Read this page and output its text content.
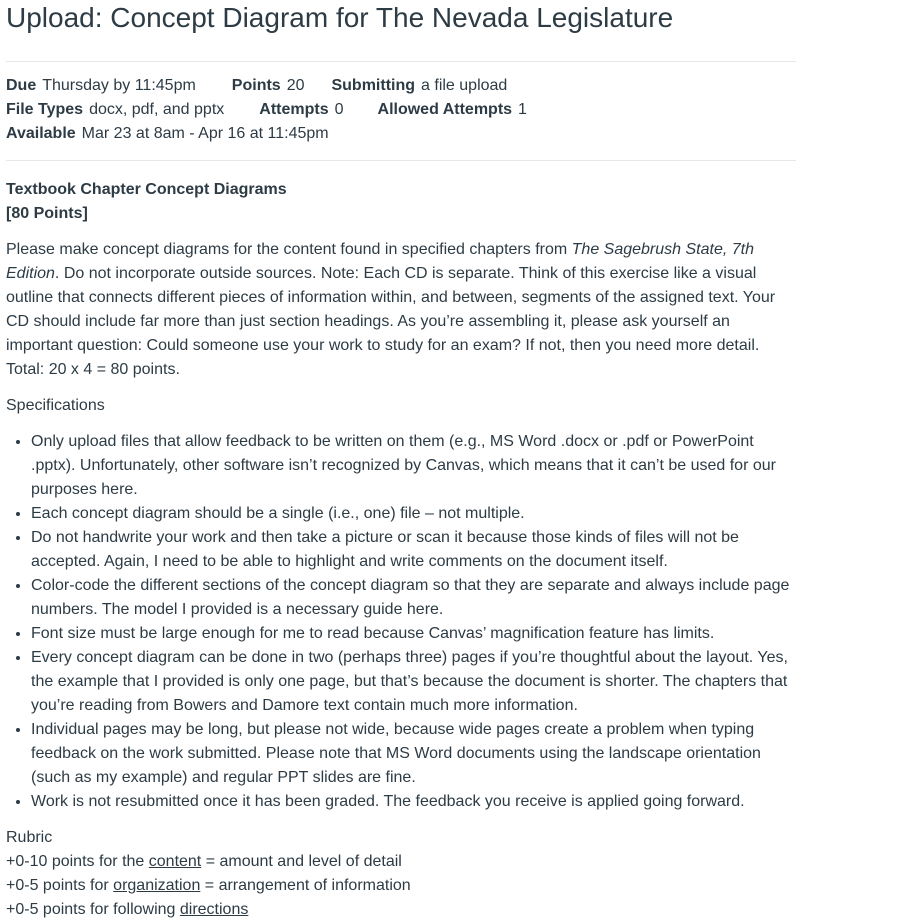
Upload: Concept Diagram for The Nevada Legislature
Due Thursday by 11:45pm Points 20 Submitting a file upload
File Types docx, pdf, and pptx Attempts 0 Allowed Attempts 1
Available Mar 23 at 8am - Apr 16 at 11:45pm

Textbook Chapter Concept Diagrams

[80 Points]

Please make concept diagrams for the content found in specified chapters from The Sagebrush State, 7th Edition. Do not incorporate outside sources. Note: Each CD is separate. Think of this exercise like a visual outline that connects different pieces of information within, and between, segments of the assigned text. Your CD should include far more than just section headings. As you’re assembling it, please ask yourself an important question: Could someone use your work to study for an exam? If not, then you need more detail. Total: 20 x 4 = 80 points.

Specifications

• Only upload files that allow feedback to be written on them (e.g., MS Word .docx or .pdf or PowerPoint .pptx). Unfortunately, other software isn’t recognized by Canvas, which means that it can’t be used for our purposes here.
• Each concept diagram should be a single (i.e., one) file – not multiple.
• Do not handwrite your work and then take a picture or scan it because those kinds of files will not be accepted. Again, I need to be able to highlight and write comments on the document itself.
• Color-code the different sections of the concept diagram so that they are separate and always include page numbers. The model I provided is a necessary guide here.
• Font size must be large enough for me to read because Canvas’ magnification feature has limits.
• Every concept diagram can be done in two (perhaps three) pages if you’re thoughtful about the layout. Yes, the example that I provided is only one page, but that’s because the document is shorter. The chapters that you’re reading from Bowers and Damore text contain much more information.
• Individual pages may be long, but please not wide, because wide pages create a problem when typing feedback on the work submitted. Please note that MS Word documents using the landscape orientation (such as my example) and regular PPT slides are fine.
• Work is not resubmitted once it has been graded. The feedback you receive is applied going forward.

Rubric

+0-10 points for the content = amount and level of detail

+0-5 points for organization = arrangement of information

+0-5 points for following directions
